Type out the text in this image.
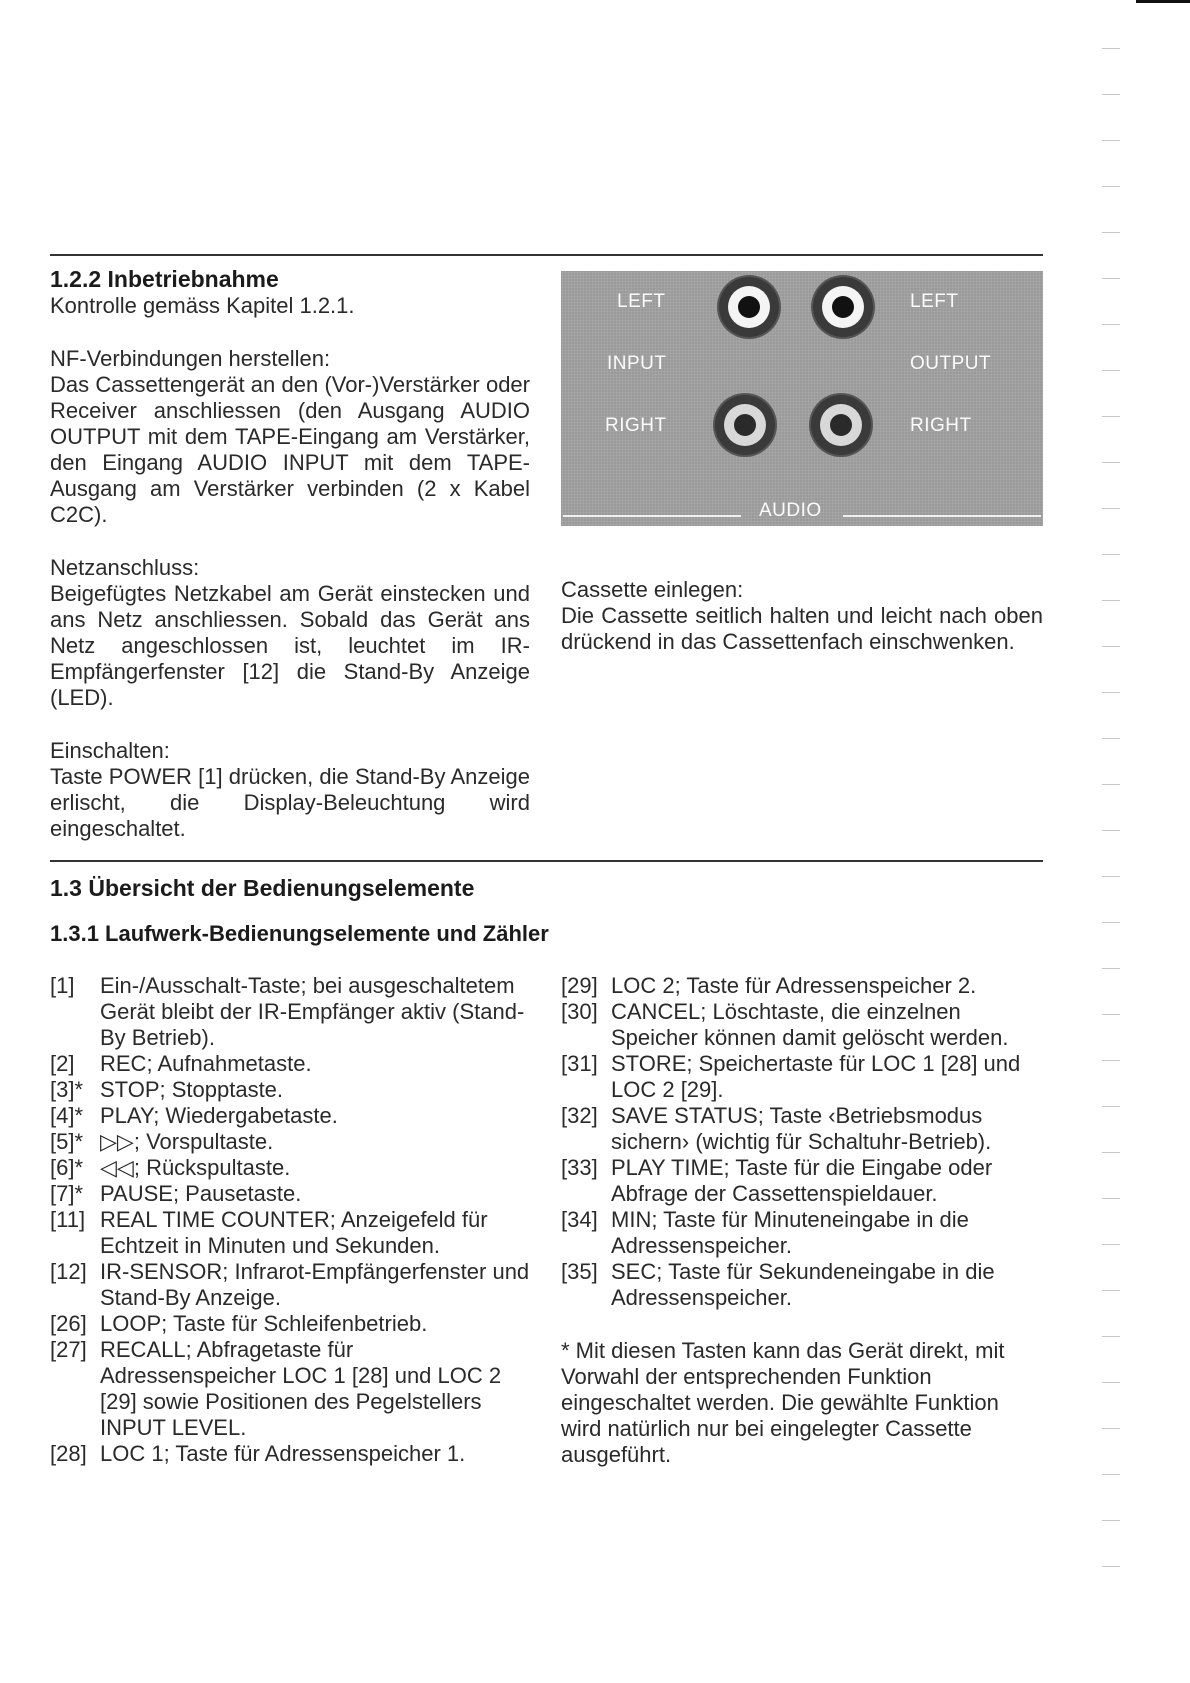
1.2.2 Inbetriebnahme

Kontrolle gemäss Kapitel 1.2.1.

NF-Verbindungen herstellen:

Das Cassettengerät an den (Vor-)Verstärker oder Receiver anschliessen (den Ausgang AUDIO OUTPUT mit dem TAPE-Eingang am Verstärker, den Eingang AUDIO INPUT mit dem TAPE-Ausgang am Verstärker verbinden (2 x Kabel C2C).

Netzanschluss:

Beigefügtes Netzkabel am Gerät einstecken und ans Netz anschliessen. Sobald das Gerät ans Netz angeschlossen ist, leuchtet im IR-Empfängerfenster [12] die Stand-By Anzeige (LED).

Einschalten:

Taste POWER [1] drücken, die Stand-By Anzeige erlischt, die Display-Beleuchtung wird eingeschaltet.

LEFT	LEFT
INPUT	OUTPUT
RIGHT	RIGHT
AUDIO

Cassette einlegen:

Die Cassette seitlich halten und leicht nach oben drückend in das Cassettenfach einschwenken.

1.3 Übersicht der Bedienungselemente
1.3.1 Laufwerk-Bedienungselemente und Zähler
[1]	Ein-/Ausschalt-Taste; bei ausgeschaltetem Gerät bleibt der IR-Empfänger aktiv (Stand-By Betrieb).
[2]	REC; Aufnahmetaste.
[3]* STOP; Stopptaste.
[4]* PLAY; Wiedergabetaste.
[5]* ▷▷; Vorspultaste.
[6]* ◁◁; Rückspultaste.
[7]* PAUSE; Pausetaste.
[11] REAL TIME COUNTER; Anzeigefeld für Echtzeit in Minuten und Sekunden.
[12] IR-SENSOR; Infrarot-Empfängerfenster und Stand-By Anzeige.
[26] LOOP; Taste für Schleifenbetrieb.
[27] RECALL; Abfragetaste für Adressenspeicher LOC 1 [28] und LOC 2 [29] sowie Positionen des Pegelstellers INPUT LEVEL.
[28] LOC 1; Taste für Adressenspeicher 1.
[29] LOC 2; Taste für Adressenspeicher 2.
[30] CANCEL; Löschtaste, die einzelnen Speicher können damit gelöscht werden.
[31] STORE; Speichertaste für LOC 1 [28] und LOC 2 [29].
[32] SAVE STATUS; Taste ‹Betriebsmodus sichern› (wichtig für Schaltuhr-Betrieb).
[33] PLAY TIME; Taste für die Eingabe oder Abfrage der Cassettenspieldauer.
[34] MIN; Taste für Minuteneingabe in die Adressenspeicher.
[35] SEC; Taste für Sekundeneingabe in die Adressenspeicher.

* Mit diesen Tasten kann das Gerät direkt, mit Vorwahl der entsprechenden Funktion eingeschaltet werden. Die gewählte Funktion wird natürlich nur bei eingelegter Cassette ausgeführt.
